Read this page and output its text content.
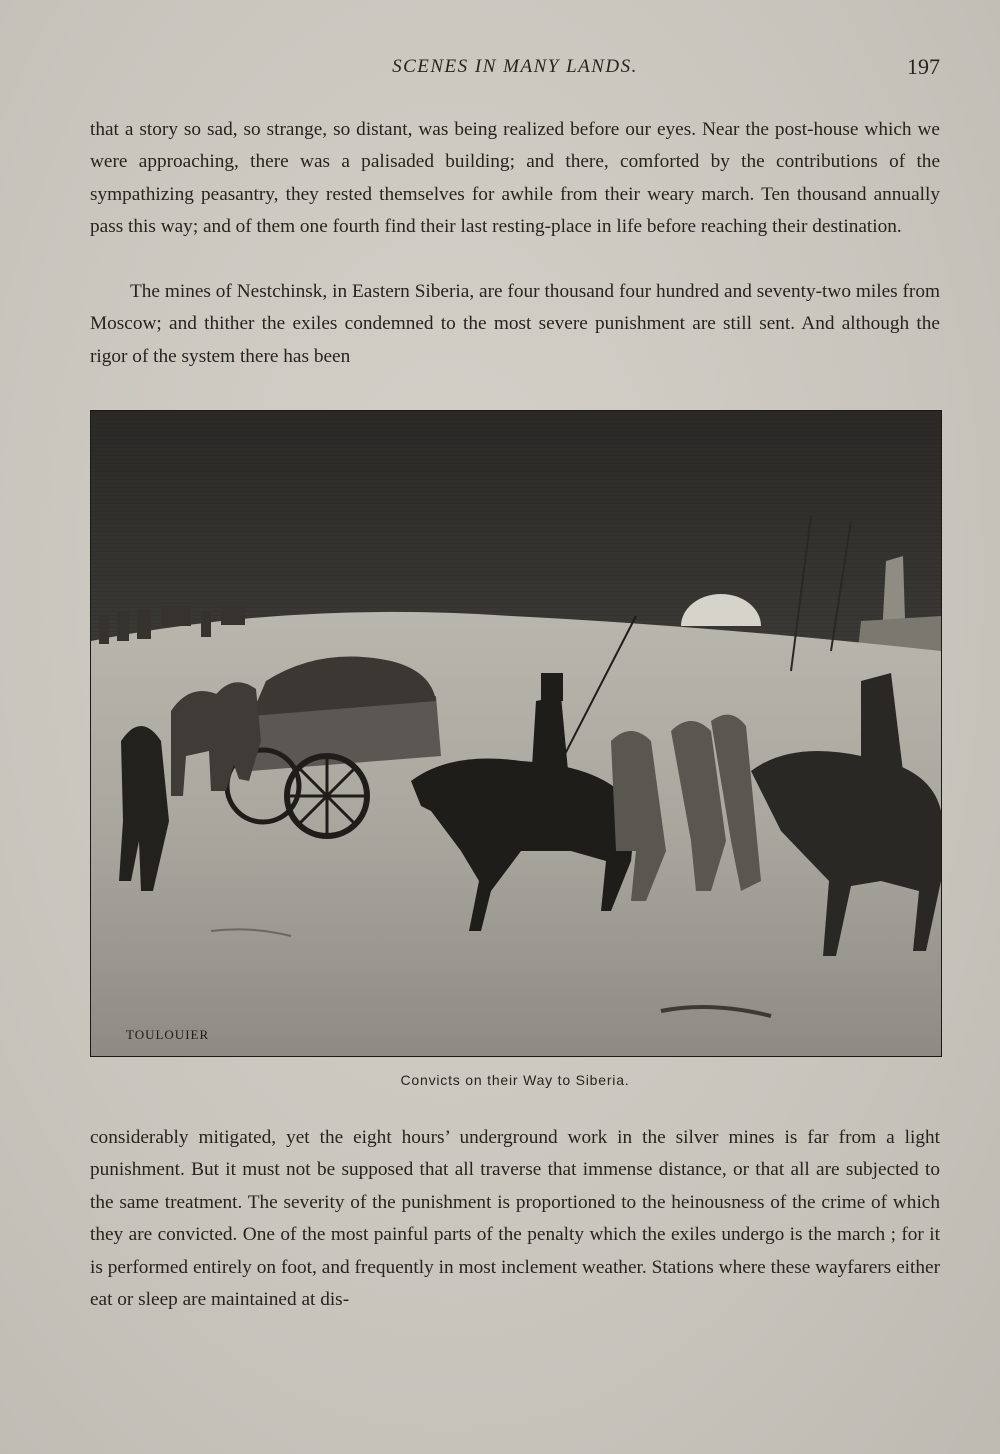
SCENES IN MANY LANDS.	197

that a story so sad, so strange, so distant, was being realized before our eyes. Near the post-house which we were approaching, there was a palisaded building; and there, comforted by the contributions of the sympathizing peasantry, they rested themselves for awhile from their weary march. Ten thousand annually pass this way; and of them one fourth find their last resting-place in life before reaching their destination.

The mines of Nestchinsk, in Eastern Siberia, are four thousand four hundred and seventy-two miles from Moscow; and thither the exiles condemned to the most severe punishment are still sent. And although the rigor of the system there has been

TOULOUIER
Convicts on their Way to Siberia.

considerably mitigated, yet the eight hours’ underground work in the silver mines is far from a light punishment. But it must not be supposed that all traverse that immense distance, or that all are subjected to the same treatment. The severity of the punishment is proportioned to the heinousness of the crime of which they are convicted. One of the most painful parts of the penalty which the exiles undergo is the march ; for it is performed entirely on foot, and frequently in most inclement weather. Stations where these wayfarers either eat or sleep are maintained at dis-
